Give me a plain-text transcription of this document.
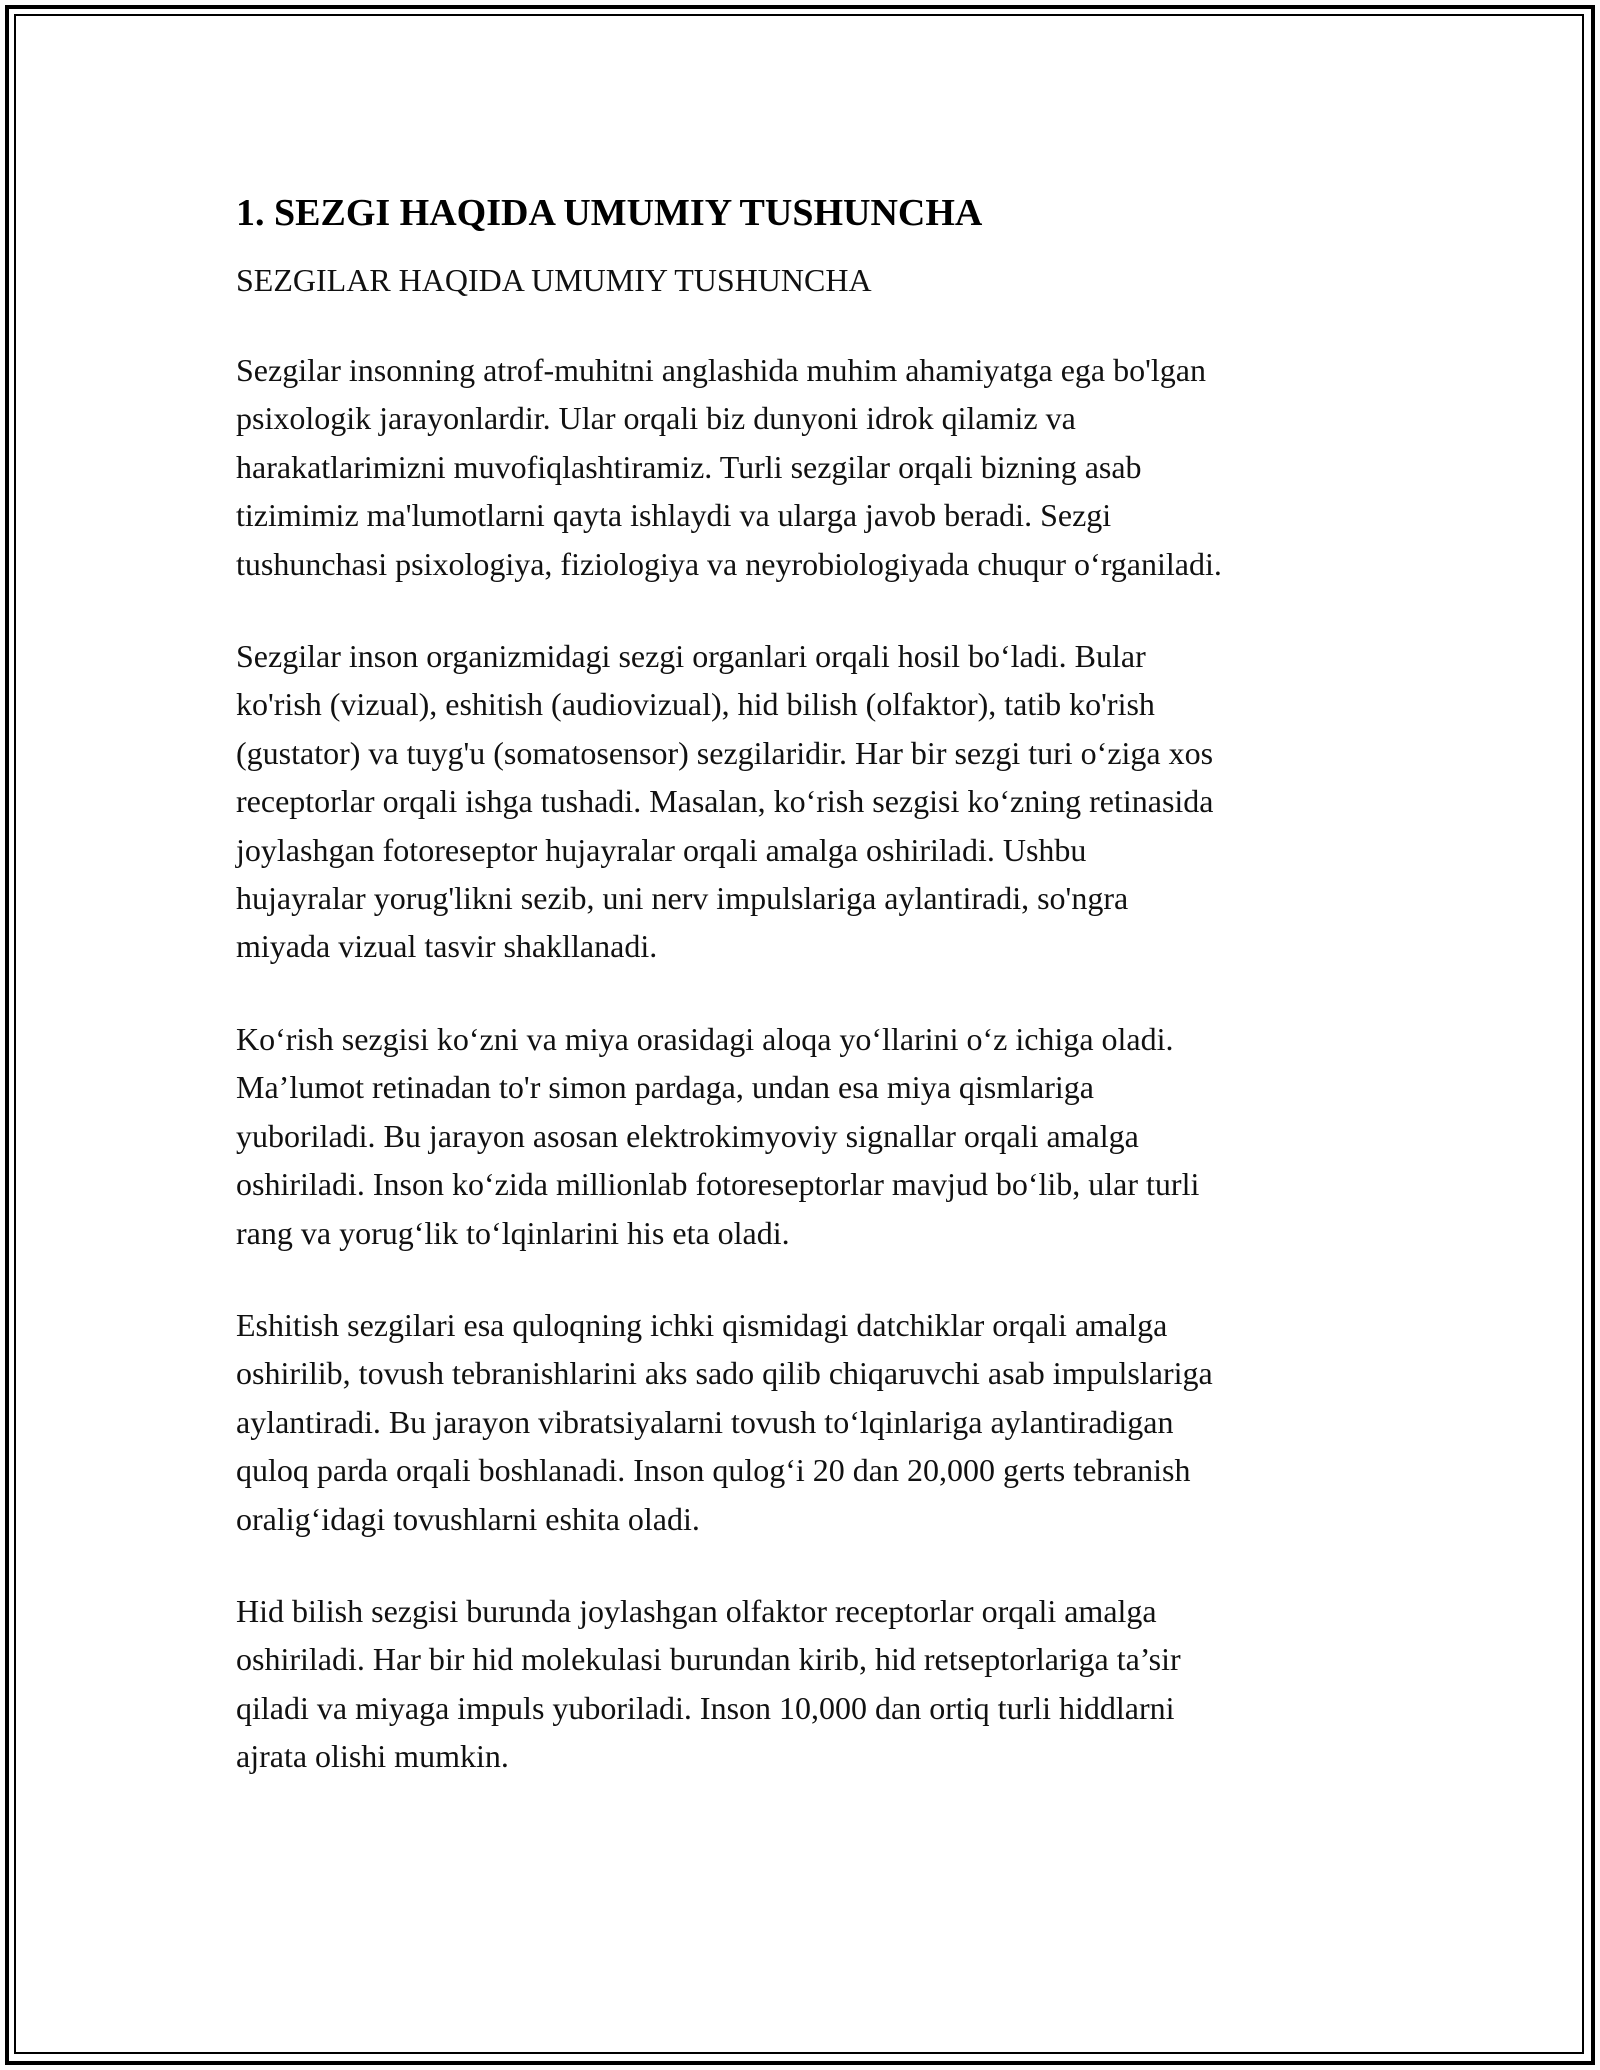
1. SEZGI HAQIDA UMUMIY TUSHUNCHA
SEZGILAR HAQIDA UMUMIY TUSHUNCHA

Sezgilar insonning atrof-muhitni anglashida muhim ahamiyatga ega bo'lgan
psixologik jarayonlardir. Ular orqali biz dunyoni idrok qilamiz va
harakatlarimizni muvofiqlashtiramiz. Turli sezgilar orqali bizning asab
tizimimiz ma'lumotlarni qayta ishlaydi va ularga javob beradi. Sezgi
tushunchasi psixologiya, fiziologiya va neyrobiologiyada chuqur o‘rganiladi.

Sezgilar inson organizmidagi sezgi organlari orqali hosil bo‘ladi. Bular
ko'rish (vizual), eshitish (audiovizual), hid bilish (olfaktor), tatib ko'rish
(gustator) va tuyg'u (somatosensor) sezgilaridir. Har bir sezgi turi o‘ziga xos
receptorlar orqali ishga tushadi. Masalan, ko‘rish sezgisi ko‘zning retinasida
joylashgan fotoreseptor hujayralar orqali amalga oshiriladi. Ushbu
hujayralar yorug'likni sezib, uni nerv impulslariga aylantiradi, so'ngra
miyada vizual tasvir shakllanadi.

Ko‘rish sezgisi ko‘zni va miya orasidagi aloqa yo‘llarini o‘z ichiga oladi.
Ma’lumot retinadan to'r simon pardaga, undan esa miya qismlariga
yuboriladi. Bu jarayon asosan elektrokimyoviy signallar orqali amalga
oshiriladi. Inson ko‘zida millionlab fotoreseptorlar mavjud bo‘lib, ular turli
rang va yorug‘lik to‘lqinlarini his eta oladi.

Eshitish sezgilari esa quloqning ichki qismidagi datchiklar orqali amalga
oshirilib, tovush tebranishlarini aks sado qilib chiqaruvchi asab impulslariga
aylantiradi. Bu jarayon vibratsiyalarni tovush to‘lqinlariga aylantiradigan
quloq parda orqali boshlanadi. Inson qulog‘i 20 dan 20,000 gerts tebranish
oralig‘idagi tovushlarni eshita oladi.

Hid bilish sezgisi burunda joylashgan olfaktor receptorlar orqali amalga
oshiriladi. Har bir hid molekulasi burundan kirib, hid retseptorlariga ta’sir
qiladi va miyaga impuls yuboriladi. Inson 10,000 dan ortiq turli hiddlarni
ajrata olishi mumkin.
